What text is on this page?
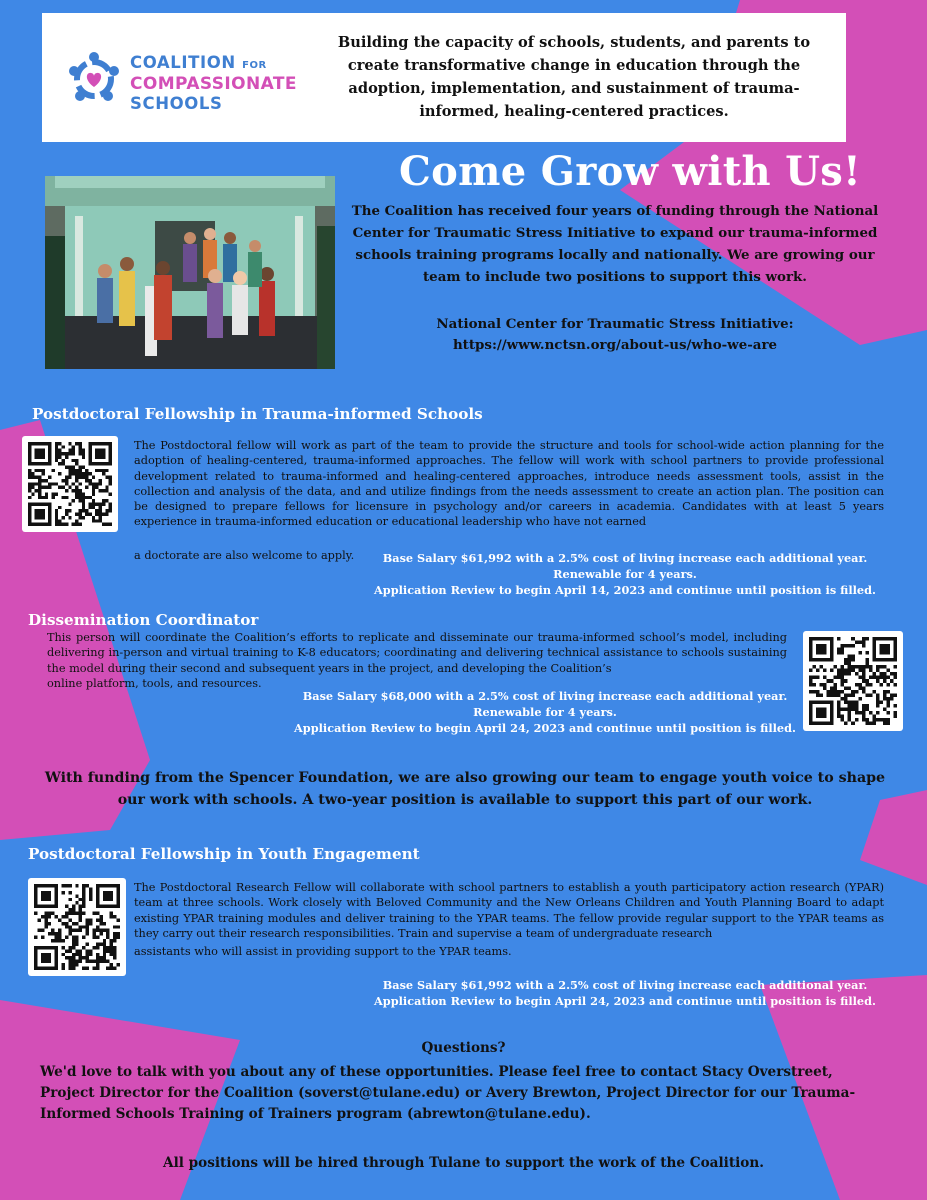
COALITION FOR
COMPASSIONATE
SCHOOLS
Building the capacity of schools, students, and parents to create transformative change in education through the adoption, implementation, and sustainment of trauma-informed, healing-centered practices.
Come Grow with Us!
The Coalition has received four years of funding through the National Center for Traumatic Stress Initiative to expand our trauma-informed schools training programs locally and nationally. We are growing our team to include two positions to support this work.
National Center for Traumatic Stress Initiative:
https://www.nctsn.org/about-us/who-we-are
Postdoctoral Fellowship in Trauma-informed Schools
The Postdoctoral fellow will work as part of the team to provide the structure and tools for school-wide action planning for the adoption of healing-centered, trauma-informed approaches. The fellow will work with school partners to provide professional development related to trauma-informed and healing-centered approaches, introduce needs assessment tools, assist in the collection and analysis of the data, and and utilize findings from the needs assessment to create an action plan. The position can be designed to prepare fellows for licensure in psychology and/or careers in academia. Candidates with at least 5 years experience in trauma-informed education or educational leadership who have not earned
a doctorate are also welcome to apply.	Base Salary $61,992 with a 2.5% cost of living increase each additional year.
Renewable for 4 years.
Application Review to begin April 14, 2023 and continue until position is filled.
Dissemination Coordinator
This person will coordinate the Coalition’s efforts to replicate and disseminate our trauma-informed school’s model, including delivering in-person and virtual training to K-8 educators; coordinating and delivering technical assistance to schools sustaining the model during their second and subsequent years in the project, and developing the Coalition’s
online platform, tools, and resources.
Base Salary $68,000 with a 2.5% cost of living increase each additional year.
Renewable for 4 years.
Application Review to begin April 24, 2023 and continue until position is filled.
With funding from the Spencer Foundation, we are also growing our team to engage youth voice to shape our work with schools. A two-year position is available to support this part of our work.
Postdoctoral Fellowship in Youth Engagement
The Postdoctoral Research Fellow will collaborate with school partners to establish a youth participatory action research (YPAR) team at three schools. Work closely with Beloved Community and the New Orleans Children and Youth Planning Board to adapt existing YPAR training modules and deliver training to the YPAR teams. The fellow provide regular support to the YPAR teams as they carry out their research responsibilities. Train and supervise a team of undergraduate research
assistants who will assist in providing support to the YPAR teams.
Base Salary $61,992 with a 2.5% cost of living increase each additional year.
Application Review to begin April 24, 2023 and continue until position is filled.
Questions?
We'd love to talk with you about any of these opportunities. Please feel free to contact Stacy Overstreet, Project Director for the Coalition (soverst@tulane.edu) or Avery Brewton, Project Director for our Trauma-Informed Schools Training of Trainers program (abrewton@tulane.edu).
All positions will be hired through Tulane to support the work of the Coalition.
